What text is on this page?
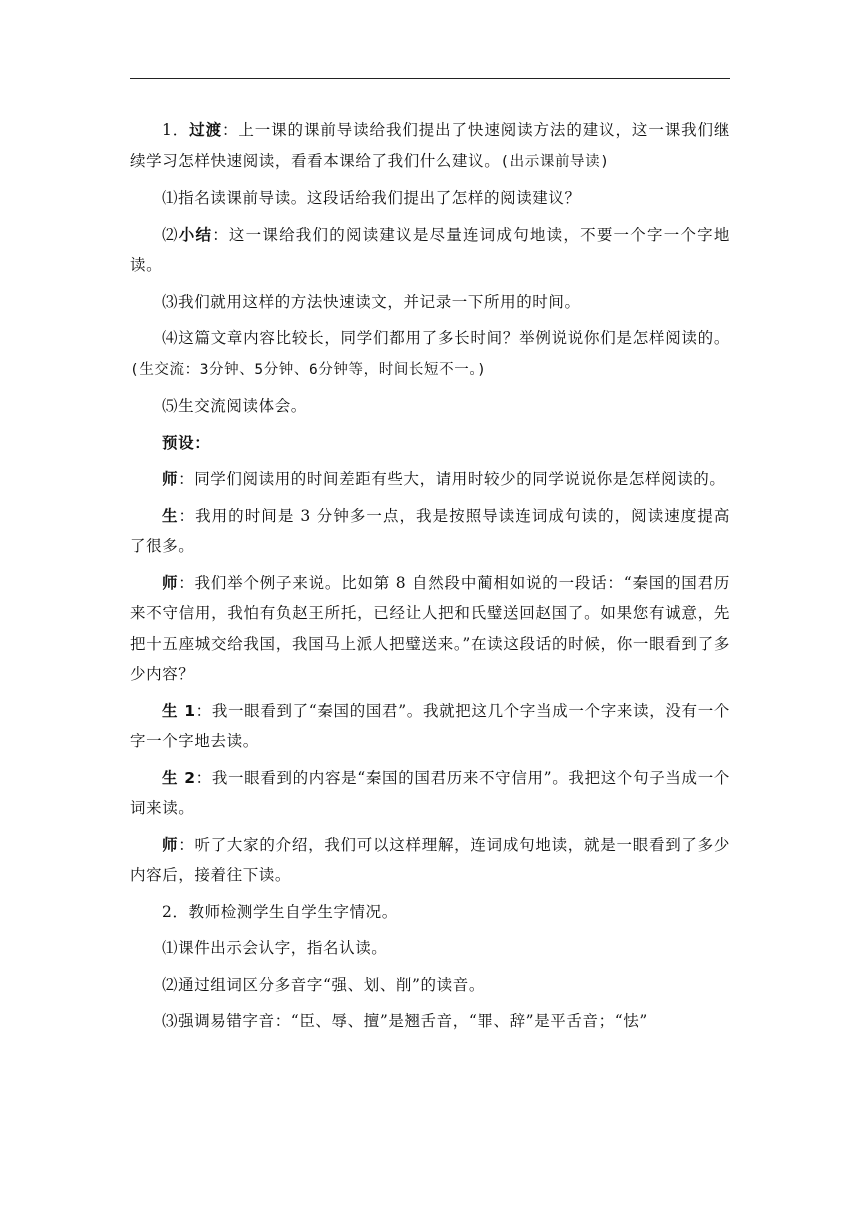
1．过渡：上一课的课前导读给我们提出了快速阅读方法的建议，这一课我们继续学习怎样快速阅读，看看本课给了我们什么建议。(出示课前导读)

⑴指名读课前导读。这段话给我们提出了怎样的阅读建议？

⑵小结：这一课给我们的阅读建议是尽量连词成句地读，不要一个字一个字地读。

⑶我们就用这样的方法快速读文，并记录一下所用的时间。

⑷这篇文章内容比较长，同学们都用了多长时间？举例说说你们是怎样阅读的。(生交流：3分钟、5分钟、6分钟等，时间长短不一。)

⑸生交流阅读体会。

预设：

师：同学们阅读用的时间差距有些大，请用时较少的同学说说你是怎样阅读的。

生：我用的时间是 3 分钟多一点，我是按照导读连词成句读的，阅读速度提高了很多。

师：我们举个例子来说。比如第 8 自然段中蔺相如说的一段话：“秦国的国君历来不守信用，我怕有负赵王所托，已经让人把和氏璧送回赵国了。如果您有诚意，先把十五座城交给我国，我国马上派人把璧送来。”在读这段话的时候，你一眼看到了多少内容？

生 1：我一眼看到了“秦国的国君”。我就把这几个字当成一个字来读，没有一个字一个字地去读。

生 2：我一眼看到的内容是“秦国的国君历来不守信用”。我把这个句子当成一个词来读。

师：听了大家的介绍，我们可以这样理解，连词成句地读，就是一眼看到了多少内容后，接着往下读。

2．教师检测学生自学生字情况。

⑴课件出示会认字，指名认读。

⑵通过组词区分多音字“强、划、削”的读音。

⑶强调易错字音：“臣、辱、擅”是翘舌音，“罪、辞”是平舌音；“怯”
